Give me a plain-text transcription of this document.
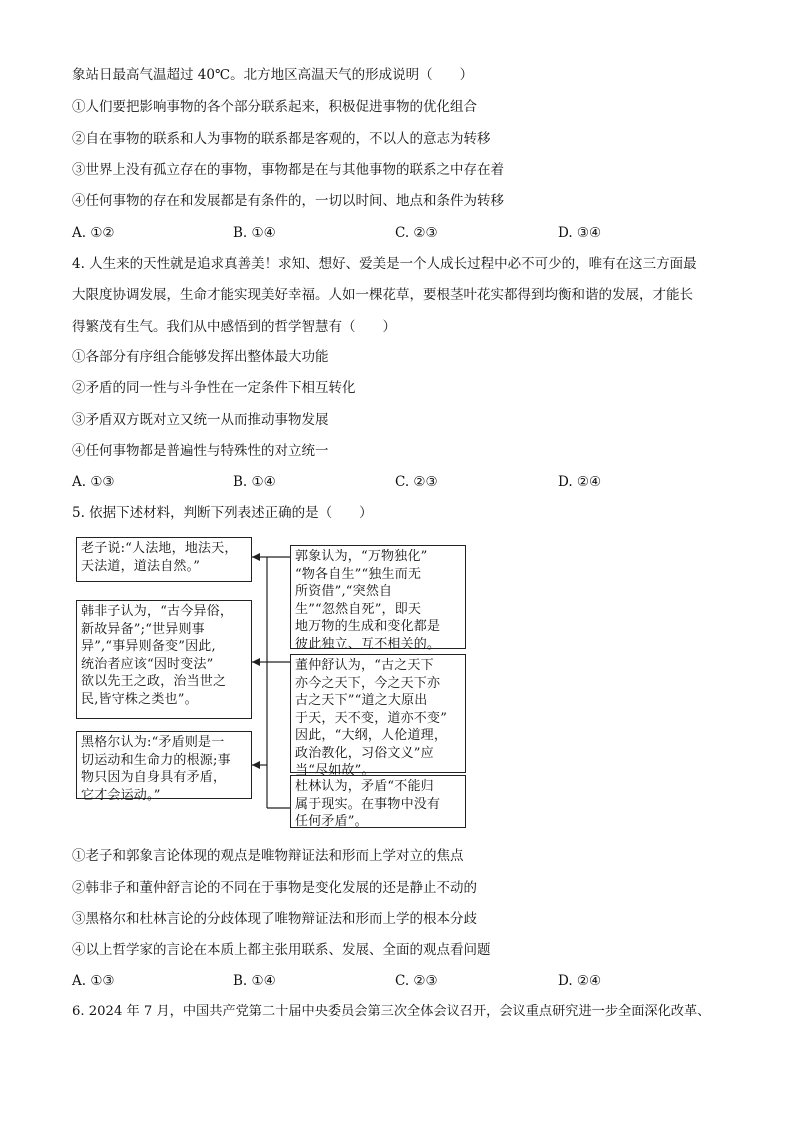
象站日最高气温超过 40℃。北方地区高温天气的形成说明（　　）
①人们要把影响事物的各个部分联系起来，积极促进事物的优化组合
②自在事物的联系和人为事物的联系都是客观的，不以人的意志为转移
③世界上没有孤立存在的事物，事物都是在与其他事物的联系之中存在着
④任何事物的存在和发展都是有条件的，一切以时间、地点和条件为转移
A. ①②	B. ①④	C. ②③	D. ③④
4. 人生来的天性就是追求真善美！求知、想好、爱美是一个人成长过程中必不可少的，唯有在这三方面最
大限度协调发展，生命才能实现美好幸福。人如一棵花草，要根茎叶花实都得到均衡和谐的发展，才能长
得繁茂有生气。我们从中感悟到的哲学智慧有（　　）
①各部分有序组合能够发挥出整体最大功能
②矛盾的同一性与斗争性在一定条件下相互转化
③矛盾双方既对立又统一从而推动事物发展
④任何事物都是普遍性与特殊性的对立统一
A. ①③	B. ①④	C. ②③	D. ②④
5. 依据下述材料，判断下列表述正确的是（　　）
老子说:“人法地，地法天，
天法道，道法自然。”
韩非子认为，“古今异俗，
新故异备”;“世异则事
异”,“事异则备变”因此,
统治者应该“因时变法”
欲以先王之政，治当世之
民,皆守株之类也”。
黑格尔认为:“矛盾则是一
切运动和生命力的根源;事
物只因为自身具有矛盾，
它才会运动。”
郭象认为，“万物独化”
“物各自生”“独生而无
所资借”,“突然自
生”“忽然自死”，即天
地万物的生成和变化都是
彼此独立、互不相关的。
董仲舒认为，“古之天下
亦今之天下，今之天下亦
古之天下”“道之大原出
于天，天不变，道亦不变”
因此，“大纲，人伦道理，
政治教化，习俗文义”应
当“尽如故”。
杜林认为，矛盾“不能归
属于现实。在事物中没有
任何矛盾”。
①老子和郭象言论体现的观点是唯物辩证法和形而上学对立的焦点
②韩非子和董仲舒言论的不同在于事物是变化发展的还是静止不动的
③黑格尔和杜林言论的分歧体现了唯物辩证法和形而上学的根本分歧
④以上哲学家的言论在本质上都主张用联系、发展、全面的观点看问题
A. ①③	B. ①④	C. ②③	D. ②④
6. 2024 年 7 月，中国共产党第二十届中央委员会第三次全体会议召开，会议重点研究进一步全面深化改革、
